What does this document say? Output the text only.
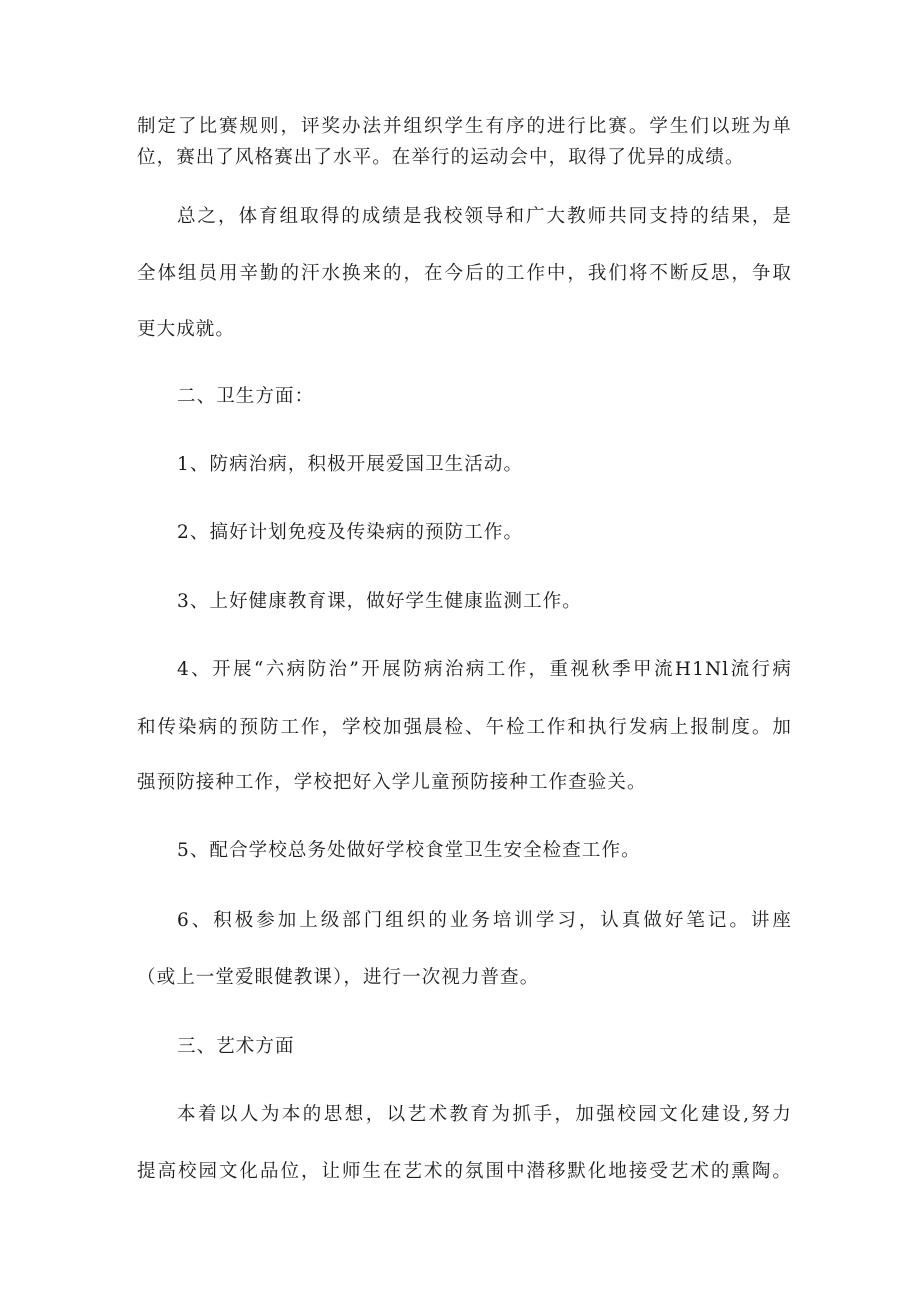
制定了比赛规则，评奖办法并组织学生有序的进行比赛。学生们以班为单
位，赛出了风格赛出了水平。在举行的运动会中，取得了优异的成绩。
总之，体育组取得的成绩是我校领导和广大教师共同支持的结果，是
全体组员用辛勤的汗水换来的，在今后的工作中，我们将不断反思，争取
更大成就。
二、卫生方面：
1、防病治病，积极开展爱国卫生活动。
2、搞好计划免疫及传染病的预防工作。
3、上好健康教育课，做好学生健康监测工作。
4、开展“六病防治”开展防病治病工作，重视秋季甲流H1Nl流行病
和传染病的预防工作，学校加强晨检、午检工作和执行发病上报制度。加
强预防接种工作，学校把好入学儿童预防接种工作查验关。
5、配合学校总务处做好学校食堂卫生安全检查工作。
6、积极参加上级部门组织的业务培训学习，认真做好笔记。讲座
（或上一堂爱眼健教课），进行一次视力普查。
三、艺术方面
本着以人为本的思想，以艺术教育为抓手，加强校园文化建设,努力
提高校园文化品位，让师生在艺术的氛围中潜移默化地接受艺术的熏陶。
